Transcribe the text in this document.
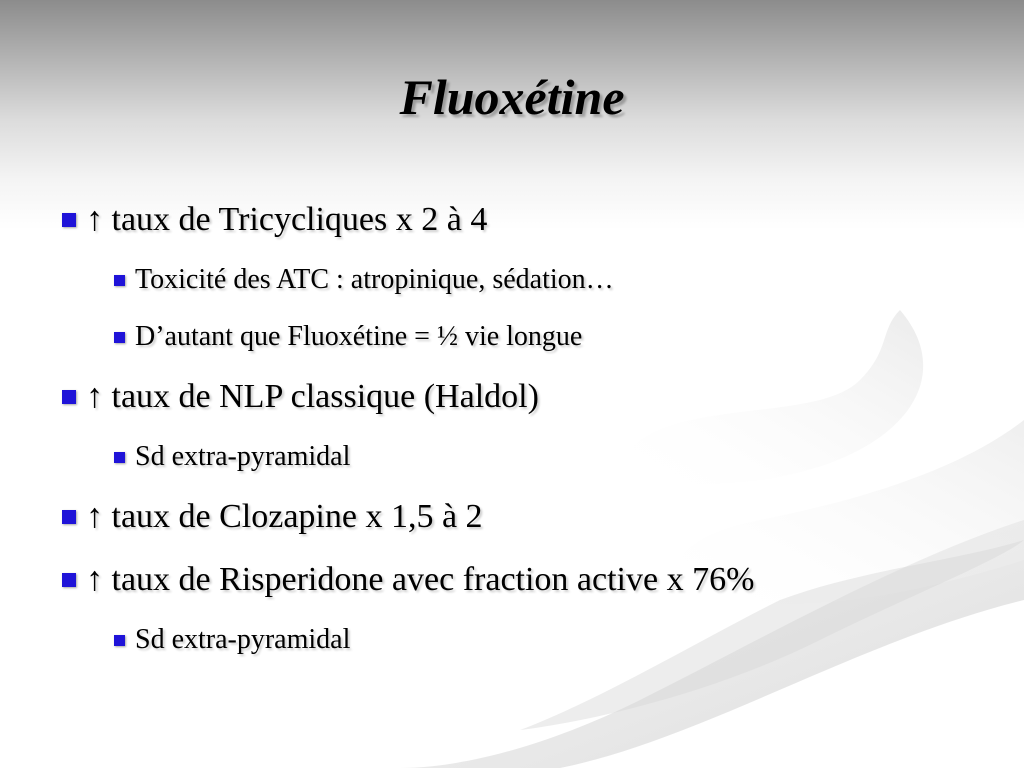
Fluoxétine
↑ taux de Tricycliques x 2 à 4
Toxicité des ATC : atropinique, sédation…
D’autant que Fluoxétine = ½ vie longue
↑ taux de NLP classique (Haldol)
Sd extra-pyramidal
↑ taux de Clozapine x 1,5 à 2
↑ taux de Risperidone avec fraction active x 76%
Sd extra-pyramidal
